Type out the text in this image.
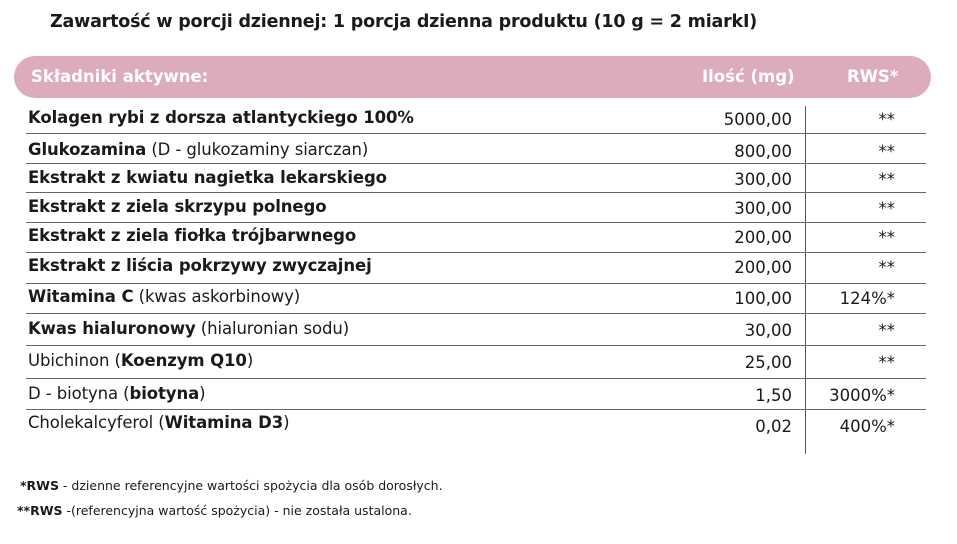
Zawartość w porcji dziennej: 1 porcja dzienna produktu (10 g = 2 miarkI)
Składniki aktywne:	Ilość (mg)	RWS*
Kolagen rybi z dorsza atlantyckiego 100%	5000,00	**
Glukozamina (D - glukozaminy siarczan)	800,00	**
Ekstrakt z kwiatu nagietka lekarskiego	300,00	**
Ekstrakt z ziela skrzypu polnego	300,00	**
Ekstrakt z ziela fiołka trójbarwnego	200,00	**
Ekstrakt z liścia pokrzywy zwyczajnej	200,00	**
Witamina C (kwas askorbinowy)	100,00	124%*
Kwas hialuronowy (hialuronian sodu)	30,00	**
Ubichinon (Koenzym Q10)	25,00	**
D - biotyna (biotyna)	1,50 3000%*
Cholekalcyferol (Witamina D3)	0,02	400%*
*RWS - dzienne referencyjne wartości spożycia dla osób dorosłych.
**RWS -(referencyjna wartość spożycia) - nie została ustalona.
